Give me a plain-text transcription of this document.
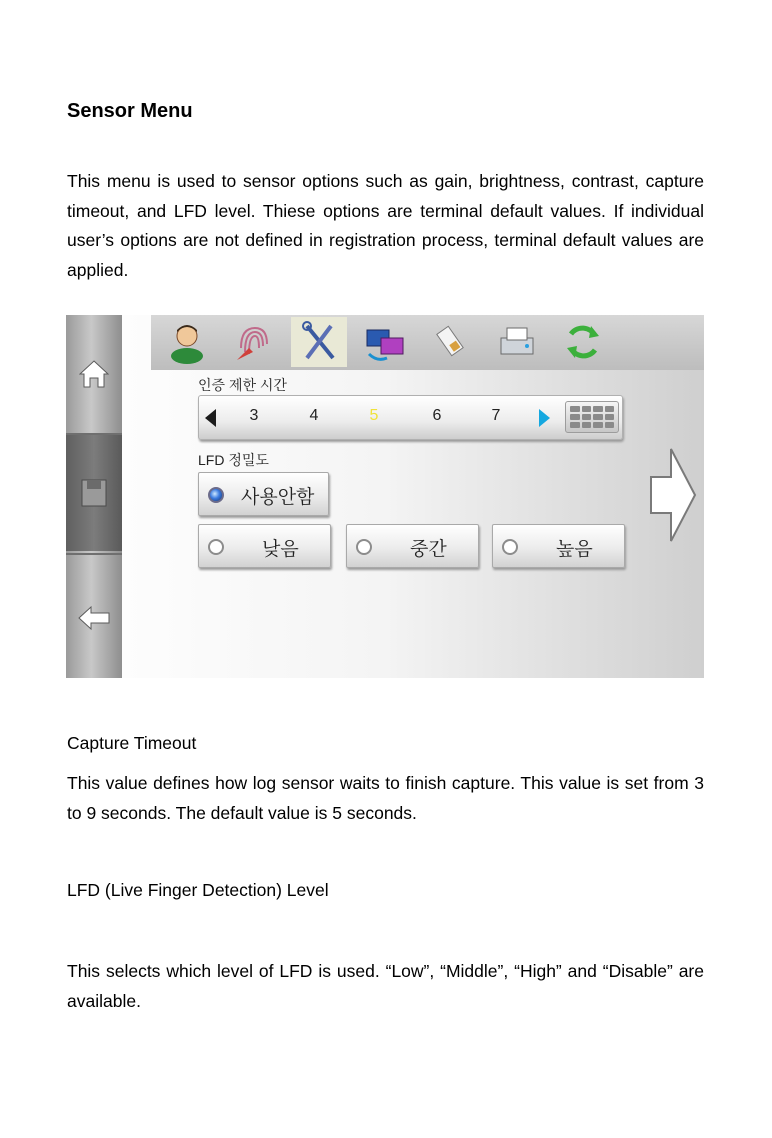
Sensor Menu

This menu is used to sensor options such as gain, brightness, contrast, capture timeout, and LFD level. Thiese options are terminal default values. If individual user’s options are not defined in registration process, terminal default values are applied.

인증 제한 시간
3	4	5	6	7
LFD 정밀도
사용안함
낮음	중간	높음

Capture Timeout

This value defines how log sensor waits to finish capture. This value is set from 3 to 9 seconds. The default value is 5 seconds.

LFD (Live Finger Detection) Level

This selects which level of LFD is used. “Low”, “Middle”, “High” and “Disable” are available.
